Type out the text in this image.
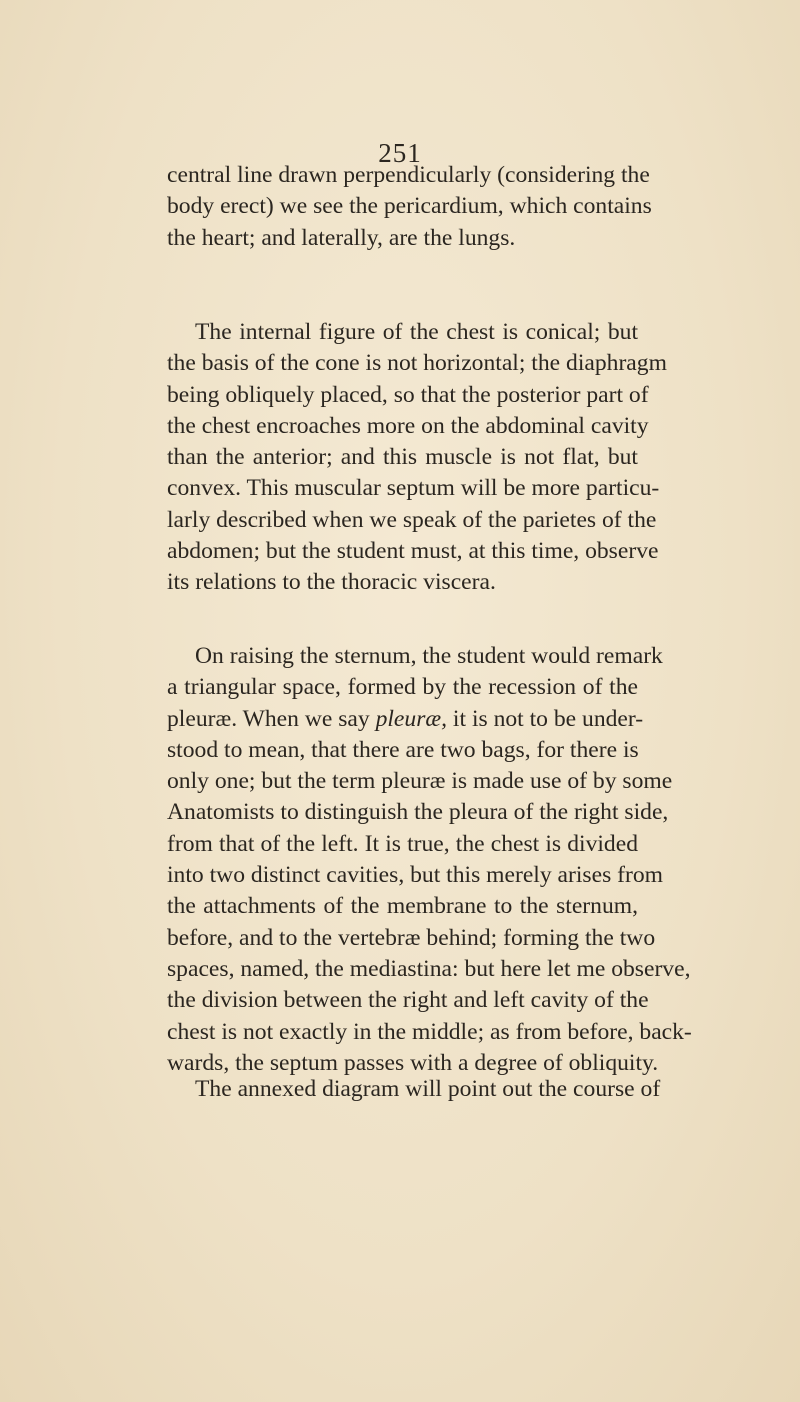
251
central line drawn perpendicularly (considering the
body erect) we see the pericardium, which contains
the heart; and laterally, are the lungs.
The internal figure of the chest is conical; but
the basis of the cone is not horizontal; the diaphragm
being obliquely placed, so that the posterior part of
the chest encroaches more on the abdominal cavity
than the anterior; and this muscle is not flat, but
convex. This muscular septum will be more particu-
larly described when we speak of the parietes of the
abdomen; but the student must, at this time, observe
its relations to the thoracic viscera.
On raising the sternum, the student would remark
a triangular space, formed by the recession of the
pleuræ. When we say pleuræ, it is not to be under-
stood to mean, that there are two bags, for there is
only one; but the term pleuræ is made use of by some
Anatomists to distinguish the pleura of the right side,
from that of the left. It is true, the chest is divided
into two distinct cavities, but this merely arises from
the attachments of the membrane to the sternum,
before, and to the vertebræ behind; forming the two
spaces, named, the mediastina: but here let me observe,
the division between the right and left cavity of the
chest is not exactly in the middle; as from before, back-
wards, the septum passes with a degree of obliquity.
The annexed diagram will point out the course of
